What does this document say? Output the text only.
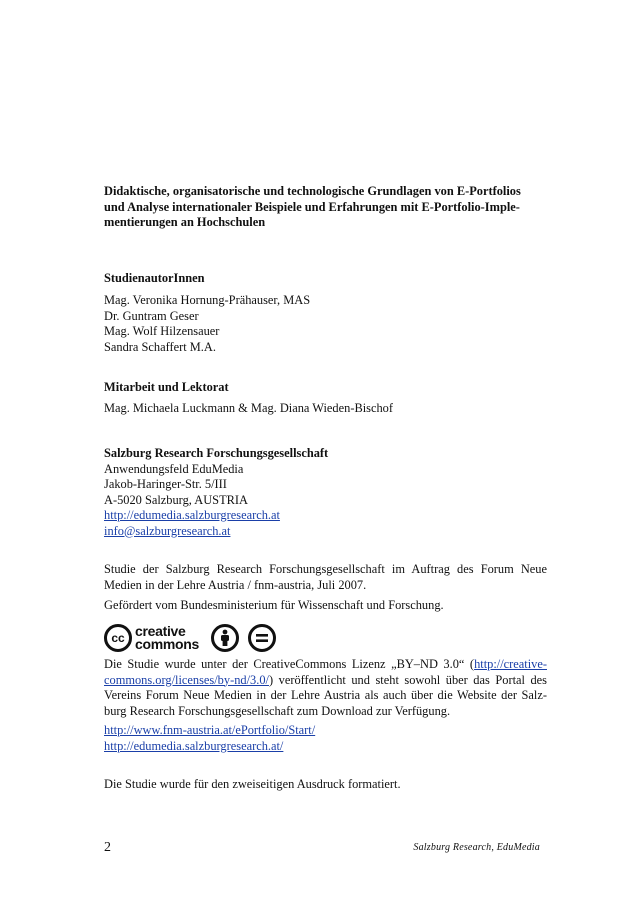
Didaktische, organisatorische und technologische Grundlagen von E-Portfolios
und Analyse internationaler Beispiele und Erfahrungen mit E-Portfolio-Imple-
mentierungen an Hochschulen
StudienautorInnen
Mag. Veronika Hornung-Prähauser, MAS
Dr. Guntram Geser
Mag. Wolf Hilzensauer
Sandra Schaffert M.A.
Mitarbeit und Lektorat
Mag. Michaela Luckmann & Mag. Diana Wieden-Bischof
Salzburg Research Forschungsgesellschaft
Anwendungsfeld EduMedia
Jakob-Haringer-Str. 5/III
A-5020 Salzburg, AUSTRIA
http://edumedia.salzburgresearch.at
info@salzburgresearch.at
Studie der Salzburg Research Forschungsgesellschaft im Auftrag des Forum Neue
Medien in der Lehre Austria / fnm-austria, Juli 2007.
Gefördert vom Bundesministerium für Wissenschaft und Forschung.
cc creative
commons
Die Studie wurde unter der CreativeCommons Lizenz „BY–ND 3.0“ (http://creative-
commons.org/licenses/by-nd/3.0/) veröffentlicht und steht sowohl über das Portal des
Vereins Forum Neue Medien in der Lehre Austria als auch über die Website der Salz-
burg Research Forschungsgesellschaft zum Download zur Verfügung.
http://www.fnm-austria.at/ePortfolio/Start/
http://edumedia.salzburgresearch.at/
Die Studie wurde für den zweiseitigen Ausdruck formatiert.
2	Salzburg Research, EduMedia
